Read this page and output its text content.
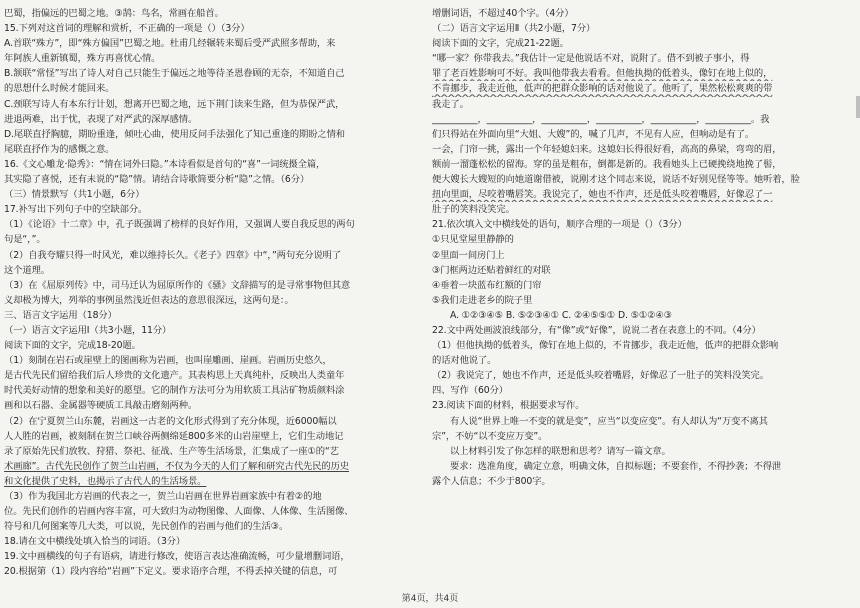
巴蜀，指偏远的巴蜀之地。③鹄：鸟名，常画在船首。
15.下列对这首词的理解和赏析，不正确的一项是（）（3分）
A.首联“殊方”，即“殊方偏国”巴蜀之地。杜甫几经辗转来蜀后受严武照多帮助，来
年阿族人重新镇蜀，殊方再喜忧心情。
B.颔联“常怪”写出了诗人对自己只能生于偏远之地等待圣恩眷顾的无奈，不知道自己
的思想什么时候才能回来。
C.颈联写诗人有本东行计划，想离开巴蜀之地，远下荆门读来生路，但为恭保严武，
进退两难，出于忧，表现了对严武的深厚感情。
D.尾联直抒胸臆，期盼重逢，倾吐心曲，使用反问手法强化了知己重逢的期盼之情和
尾联直抒作为的感慨之意。
16.《文心雕龙·隐秀》：“情在词外曰隐。”本诗看似是首句的“喜”一词统摄全篇，
其实隐了喜悦，还有未说的“隐”情。请结合诗歌简要分析“隐”之情。（6分）
（三）情景默写（共1小题，6分）
17.补写出下列句子中的空缺部分。
（1）《论语》十二章》中，孔子既强调了榜样的良好作用，又强调人要自我反思的两句
句是“，”。
（2）自我夸耀只得一时风光，难以维持长久。《老子》四章》中“，”两句充分说明了
这个道理。
（3）在《屈原列传》中，司马迁认为屈原所作的《骚》文辞描写的是寻常事物但其意
义却极为博大，列举的事例虽然浅近但表达的意思很深远，这两句是：。
三、语言文字运用（18分）
（一）语言文字运用Ⅰ（共3小题，11分）
阅读下面的文字，完成18-20题。
（1）刻制在岩石或崖壁上的图画称为岩画，也叫崖雕画、崖画。岩画历史悠久，
是古代先民们留给我们后人珍贵的文化遗产。其表构思上天真纯朴，反映出人类童年
时代美好动情的想象和美好的愿望。它的制作方法可分为用软质工具沾矿物质颜料涂
画和以石器、金属器等硬质工具敲击磨刻两种。
（2）在宁夏贺兰山东麓，岩画这一古老的文化形式得到了充分体现，近6000幅以
人人胜的岩画，被刻制在贺兰口峡谷两侧绵延800多米的山岩崖壁上，它们生动地记
录了原始先民们放牧、狩猎、祭祀、征战、生产等生活场景，汇集成了一座①的“艺
术画廊”。古代先民创作了贺兰山岩画，不仅为今天的人们了解和研究古代先民的历史
和文化提供了史料，也揭示了古代人的生活场景。
（3）作为我国北方岩画的代表之一，贺兰山岩画在世界岩画家族中有着②的地
位。先民们创作的岩画内容丰富，可大致归为动物图像、人面像、人体像、生活图像、
符号和几何图案等几大类，可以说，先民创作的岩画与他们的生活③。
18.请在文中横线处填入恰当的词语。（3分）
19.文中画横线的句子有语病，请进行修改，使语言表达准确流畅，可少量增删词语，
20.根据第（1）段内容给“岩画”下定义。要求语序合理，不得丢掉关键的信息，可
增删词语，不超过40个字。（4分）
（二）语言文字运用Ⅱ（共2小题，7分）
阅读下面的文字，完成21-22题。
“哪一家？你带我去。”我估计一定是他说话不对，说附了。借不到被子事小，得
罪了老百姓影响可不好。我叫他带我去看看。但他执拗的低着头，像钉在地上似的，
不肯挪步，我走近他，低声的把群众影响的话对他说了。他听了，果然松松爽爽的带
我走了。
__________，__________，__________，__________，__________，__________。我
们只得站在外面向里“大姐、大嫂”的，喊了几声，不见有人应，但响动是有了。
一会，门帘一挑，露出一个年轻媳妇来。这媳妇长得很好看，高高的鼻梁，弯弯的眉，
额前一溜蓬松松的留海。穿的虽是粗布，倒都是新的。我看她头上已硬挽绕地挽了髻，
便大嫂长大嫂短的向她道谢借被，说刚才这个同志来说，说话不好别见怪等等。她听着，脸
扭向里面，尽咬着嘴唇笑。我说完了，她也不作声，还是低头咬着嘴唇，好像忍了一
肚子的笑料没笑完。
21.依次填入文中横线处的语句，顺序合理的一项是（）（3分）
①只见堂屋里静静的
②里面一间房门上
③门框两边还贴着鲜红的对联
④垂着一块蓝布红额的门帘
⑤我们走进老乡的院子里
A. ①②③④⑤ B. ⑤②③④① C. ②④⑤⑤① D. ⑤①②④③
22.文中两处画波浪线部分，有“像”或“好像”，说说二者在表意上的不同。（4分）
（1）但他执拗的低着头，像钉在地上似的，不肯挪步，我走近他，低声的把群众影响
的话对他说了。
（2）我说完了，她也不作声，还是低头咬着嘴唇，好像忍了一肚子的笑料没笑完。
四、写作（60分）
23.阅读下面的材料，根据要求写作。
有人说“世界上唯一不变的就是变”，应当“以变应变”。有人却认为“万变不离其
宗”，不妨“以不变应万变”。
以上材料引发了你怎样的联想和思考？请写一篇文章。
要求：选准角度，确定立意，明确文体，自拟标题；不要套作，不得抄袭；不得泄
露个人信息；不少于800字。
第4页，共4页
